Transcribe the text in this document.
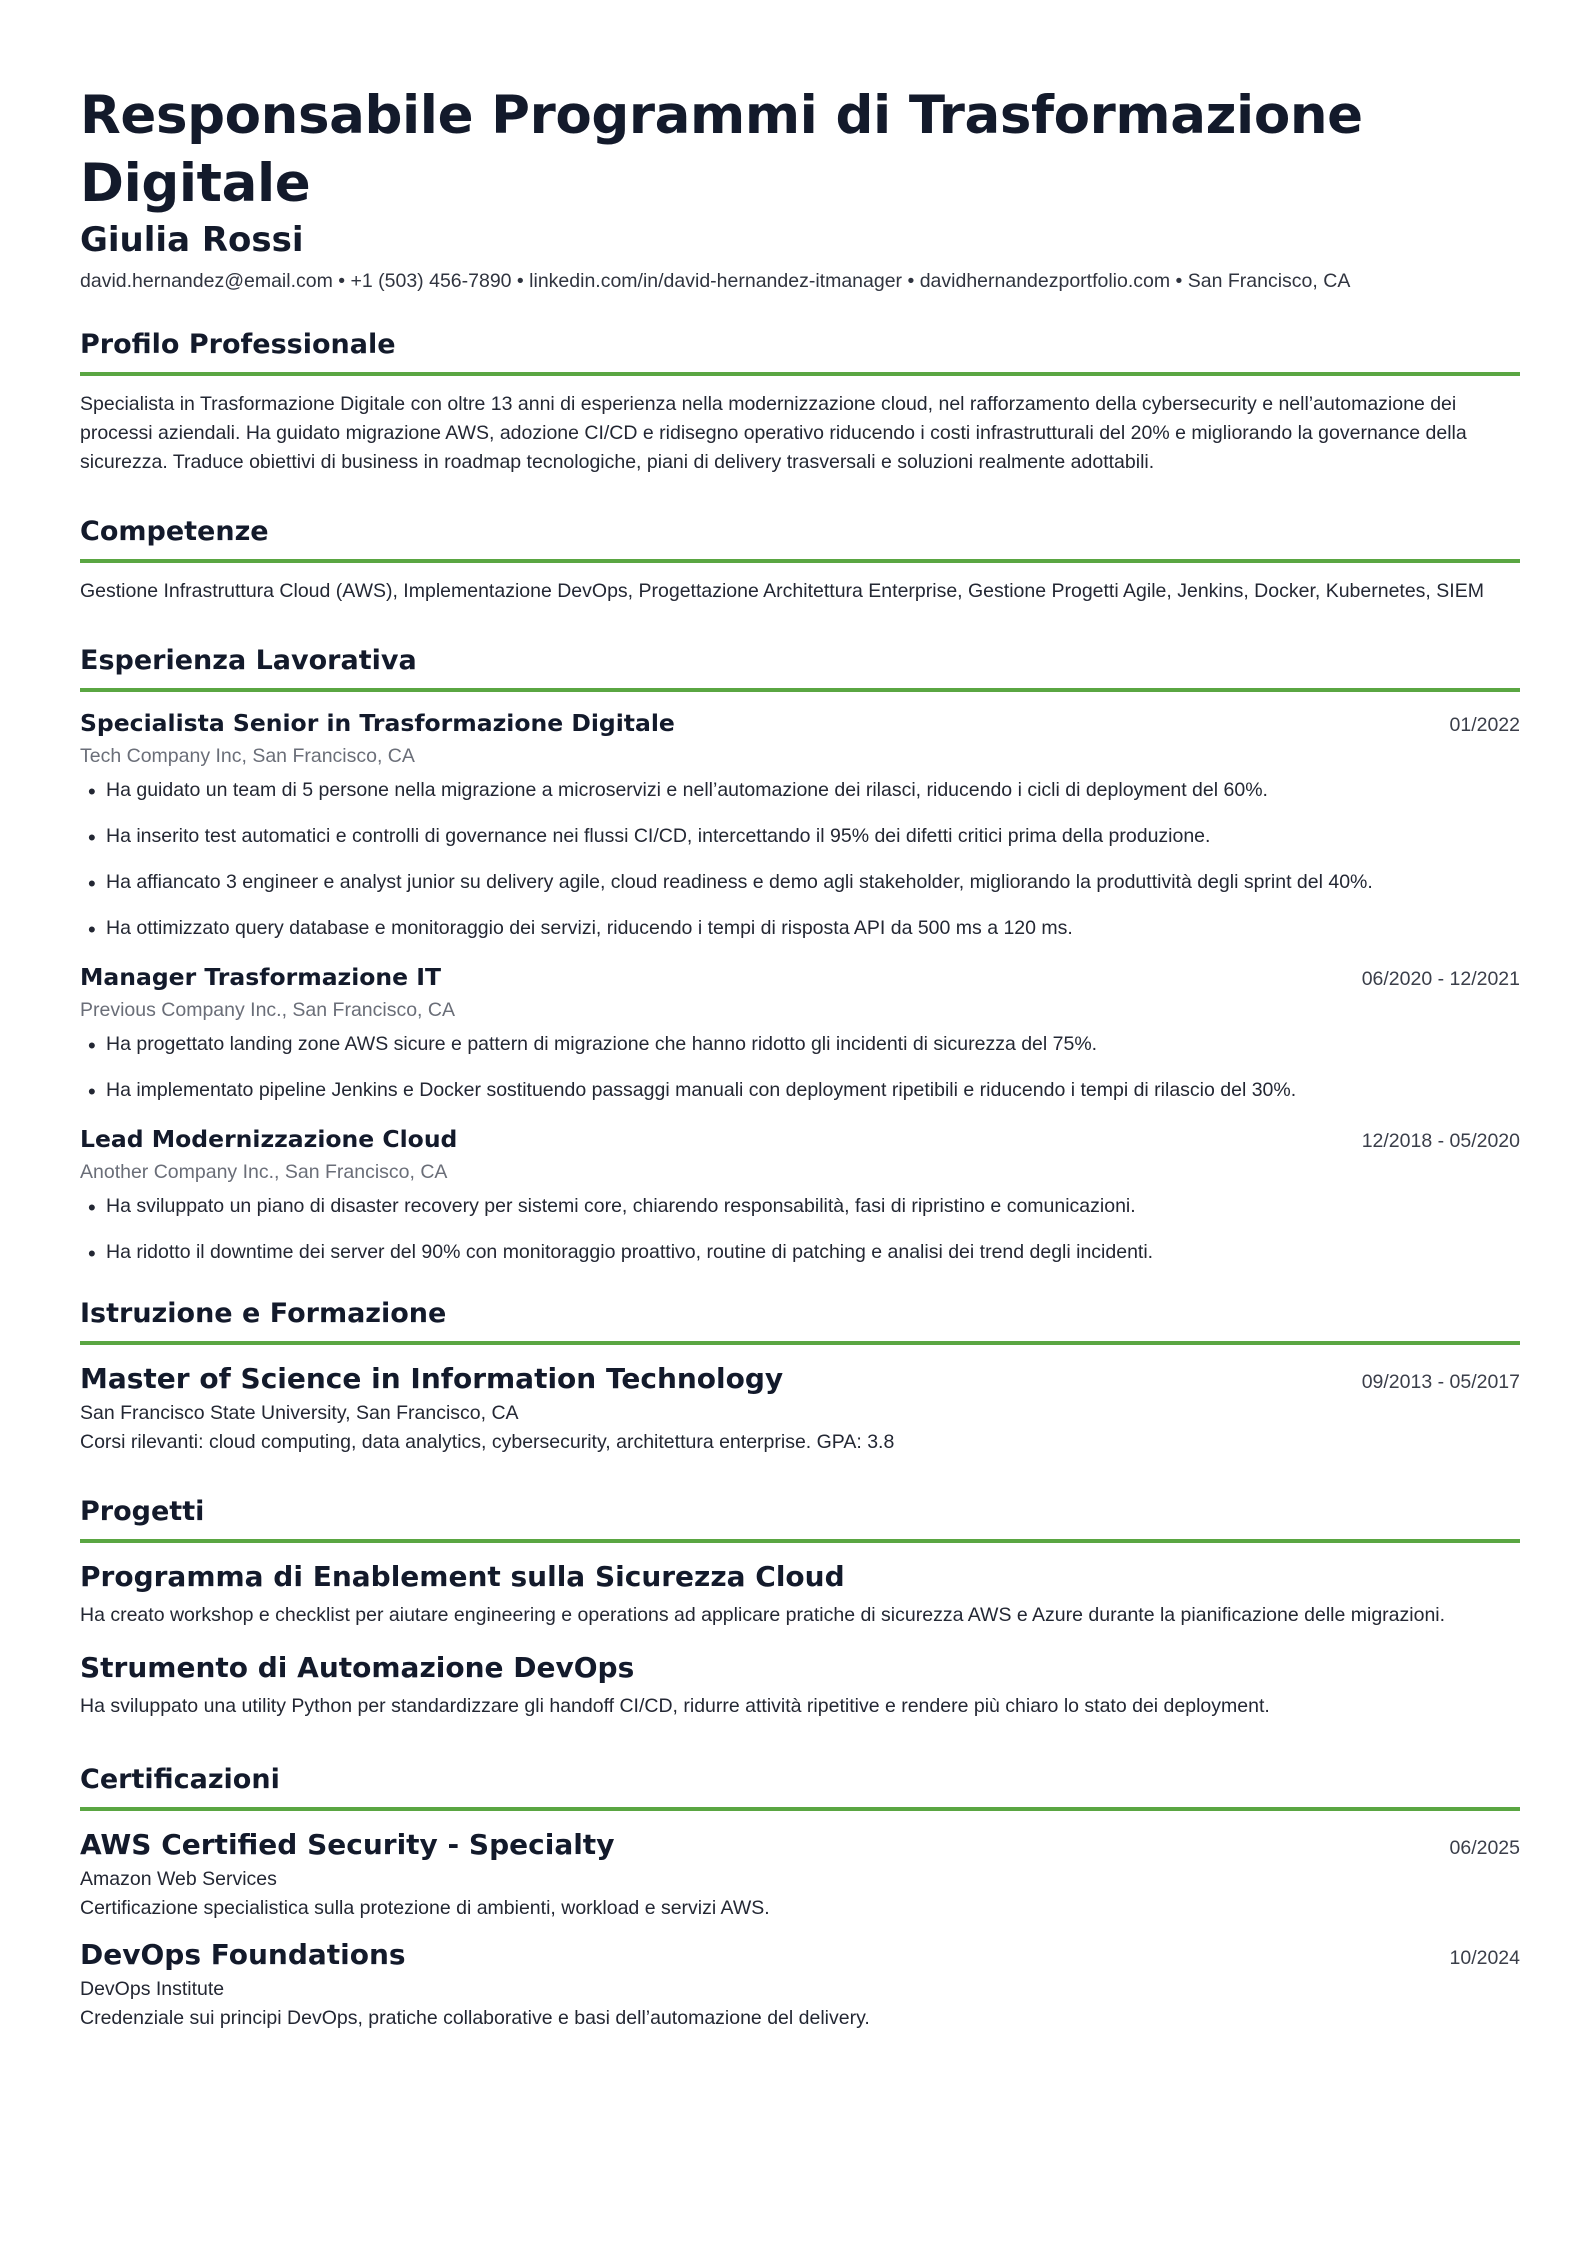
Responsabile Programmi di Trasformazione Digitale
Giulia Rossi
david.hernandez@email.com • +1 (503) 456-7890 • linkedin.com/in/david-hernandez-itmanager • davidhernandezportfolio.com • San Francisco, CA
Profilo Professionale
Specialista in Trasformazione Digitale con oltre 13 anni di esperienza nella modernizzazione cloud, nel rafforzamento della cybersecurity e nell’automazione dei processi aziendali. Ha guidato migrazione AWS, adozione CI/CD e ridisegno operativo riducendo i costi infrastrutturali del 20% e migliorando la governance della sicurezza. Traduce obiettivi di business in roadmap tecnologiche, piani di delivery trasversali e soluzioni realmente adottabili.
Competenze
Gestione Infrastruttura Cloud (AWS), Implementazione DevOps, Progettazione Architettura Enterprise, Gestione Progetti Agile, Jenkins, Docker, Kubernetes, SIEM
Esperienza Lavorativa
Specialista Senior in Trasformazione Digitale	01/2022
Tech Company Inc, San Francisco, CA
• Ha guidato un team di 5 persone nella migrazione a microservizi e nell’automazione dei rilasci, riducendo i cicli di deployment del 60%.
• Ha inserito test automatici e controlli di governance nei flussi CI/CD, intercettando il 95% dei difetti critici prima della produzione.
• Ha affiancato 3 engineer e analyst junior su delivery agile, cloud readiness e demo agli stakeholder, migliorando la produttività degli sprint del 40%.
• Ha ottimizzato query database e monitoraggio dei servizi, riducendo i tempi di risposta API da 500 ms a 120 ms.
Manager Trasformazione IT	06/2020 - 12/2021
Previous Company Inc., San Francisco, CA
• Ha progettato landing zone AWS sicure e pattern di migrazione che hanno ridotto gli incidenti di sicurezza del 75%.
• Ha implementato pipeline Jenkins e Docker sostituendo passaggi manuali con deployment ripetibili e riducendo i tempi di rilascio del 30%.
Lead Modernizzazione Cloud	12/2018 - 05/2020
Another Company Inc., San Francisco, CA
• Ha sviluppato un piano di disaster recovery per sistemi core, chiarendo responsabilità, fasi di ripristino e comunicazioni.
• Ha ridotto il downtime dei server del 90% con monitoraggio proattivo, routine di patching e analisi dei trend degli incidenti.
Istruzione e Formazione
Master of Science in Information Technology	09/2013 - 05/2017
San Francisco State University, San Francisco, CA
Corsi rilevanti: cloud computing, data analytics, cybersecurity, architettura enterprise. GPA: 3.8
Progetti
Programma di Enablement sulla Sicurezza Cloud
Ha creato workshop e checklist per aiutare engineering e operations ad applicare pratiche di sicurezza AWS e Azure durante la pianificazione delle migrazioni.
Strumento di Automazione DevOps
Ha sviluppato una utility Python per standardizzare gli handoff CI/CD, ridurre attività ripetitive e rendere più chiaro lo stato dei deployment.
Certificazioni
AWS Certified Security - Specialty	06/2025
Amazon Web Services
Certificazione specialistica sulla protezione di ambienti, workload e servizi AWS.
DevOps Foundations	10/2024
DevOps Institute
Credenziale sui principi DevOps, pratiche collaborative e basi dell’automazione del delivery.
